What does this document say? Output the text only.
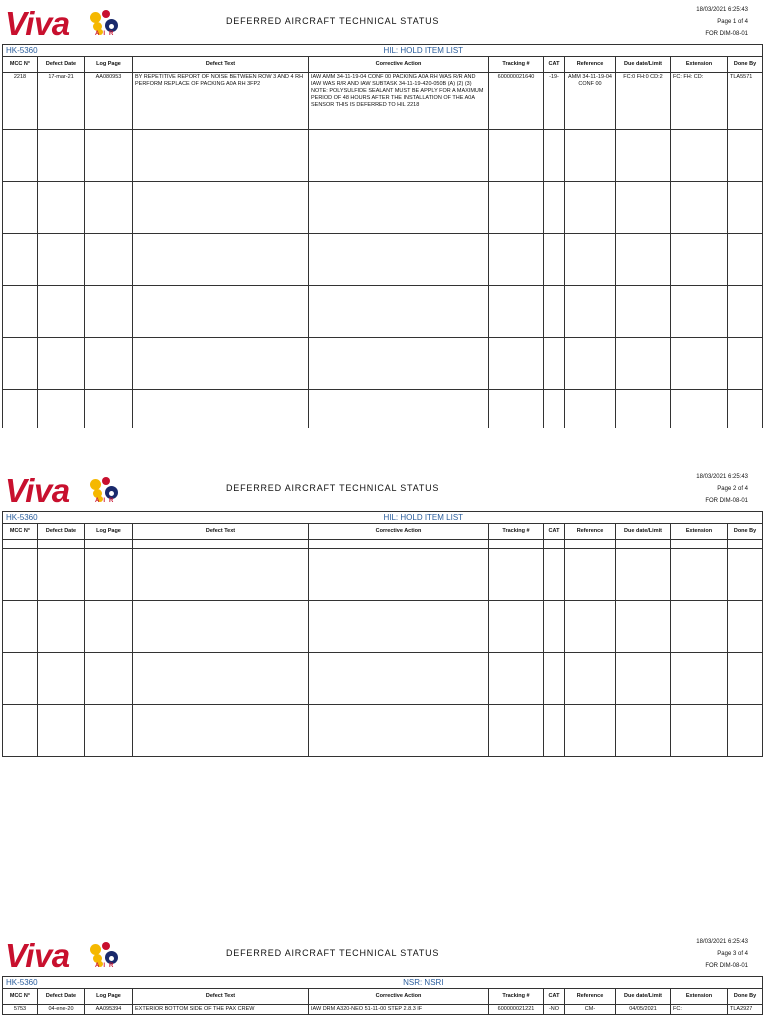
Viva	AIR
DEFERRED AIRCRAFT TECHNICAL STATUS
18/03/2021 6:25:43
Page 1 of 4
FOR DIM-08-01
HK-5360		HIL: HOLD ITEM LIST								
MCC N°	Defect Date	Log Page	Defect Text	Corrective Action	Tracking #	CAT	Reference	Due date/Limit	Extension	Done By
2218	17-mar-21	AA080953	BY REPETITIVE REPORT OF NOISE BETWEEN ROW 3 AND 4 RH PERFORM REPLACE OF PACKING A0A RH 3FP2	IAW AMM 34-11-19-04 CONF 00 PACKING A0A RH WAS R/R AND IAW WAS R/R AND IAW SUBTASK 34-11-19-420-050B (A) (2) (3) NOTE: POLYSULFIDE SEALANT MUST BE APPLY FOR A MAXIMUM PERIOD OF 48 HOURS AFTER THE INSTALLATION OF THE A0A SENSOR THIS IS DEFERRED TO HIL 2218	600000021640	-19-	AMM 34-11-19-04 CONF 00	FC:0 FH:0 CD:2	FC: FH: CD:	TLA5571

Viva	AIR
DEFERRED AIRCRAFT TECHNICAL STATUS
18/03/2021 6:25:43
Page 2 of 4
FOR DIM-08-01
HK-5360		HIL: HOLD ITEM LIST								
MCC N°	Defect Date	Log Page	Defect Text	Corrective Action	Tracking #	CAT	Reference	Due date/Limit	Extension	Done By

Viva	AIR
DEFERRED AIRCRAFT TECHNICAL STATUS
18/03/2021 6:25:43
Page 3 of 4
FOR DIM-08-01
HK-5360		NSR: NSRI								
MCC N°	Defect Date	Log Page	Defect Text	Corrective Action	Tracking #	CAT	Reference	Due date/Limit	Extension	Done By
5753	04-ene-20	AA095394	EXTERIOR BOTTOM SIDE OF THE PAX CREW	IAW DRM A320-NEO 51-11-00 STEP 2.8.3 IF	600000021221	-NO	CM-	04/05/2021	FC:	TLA2927
